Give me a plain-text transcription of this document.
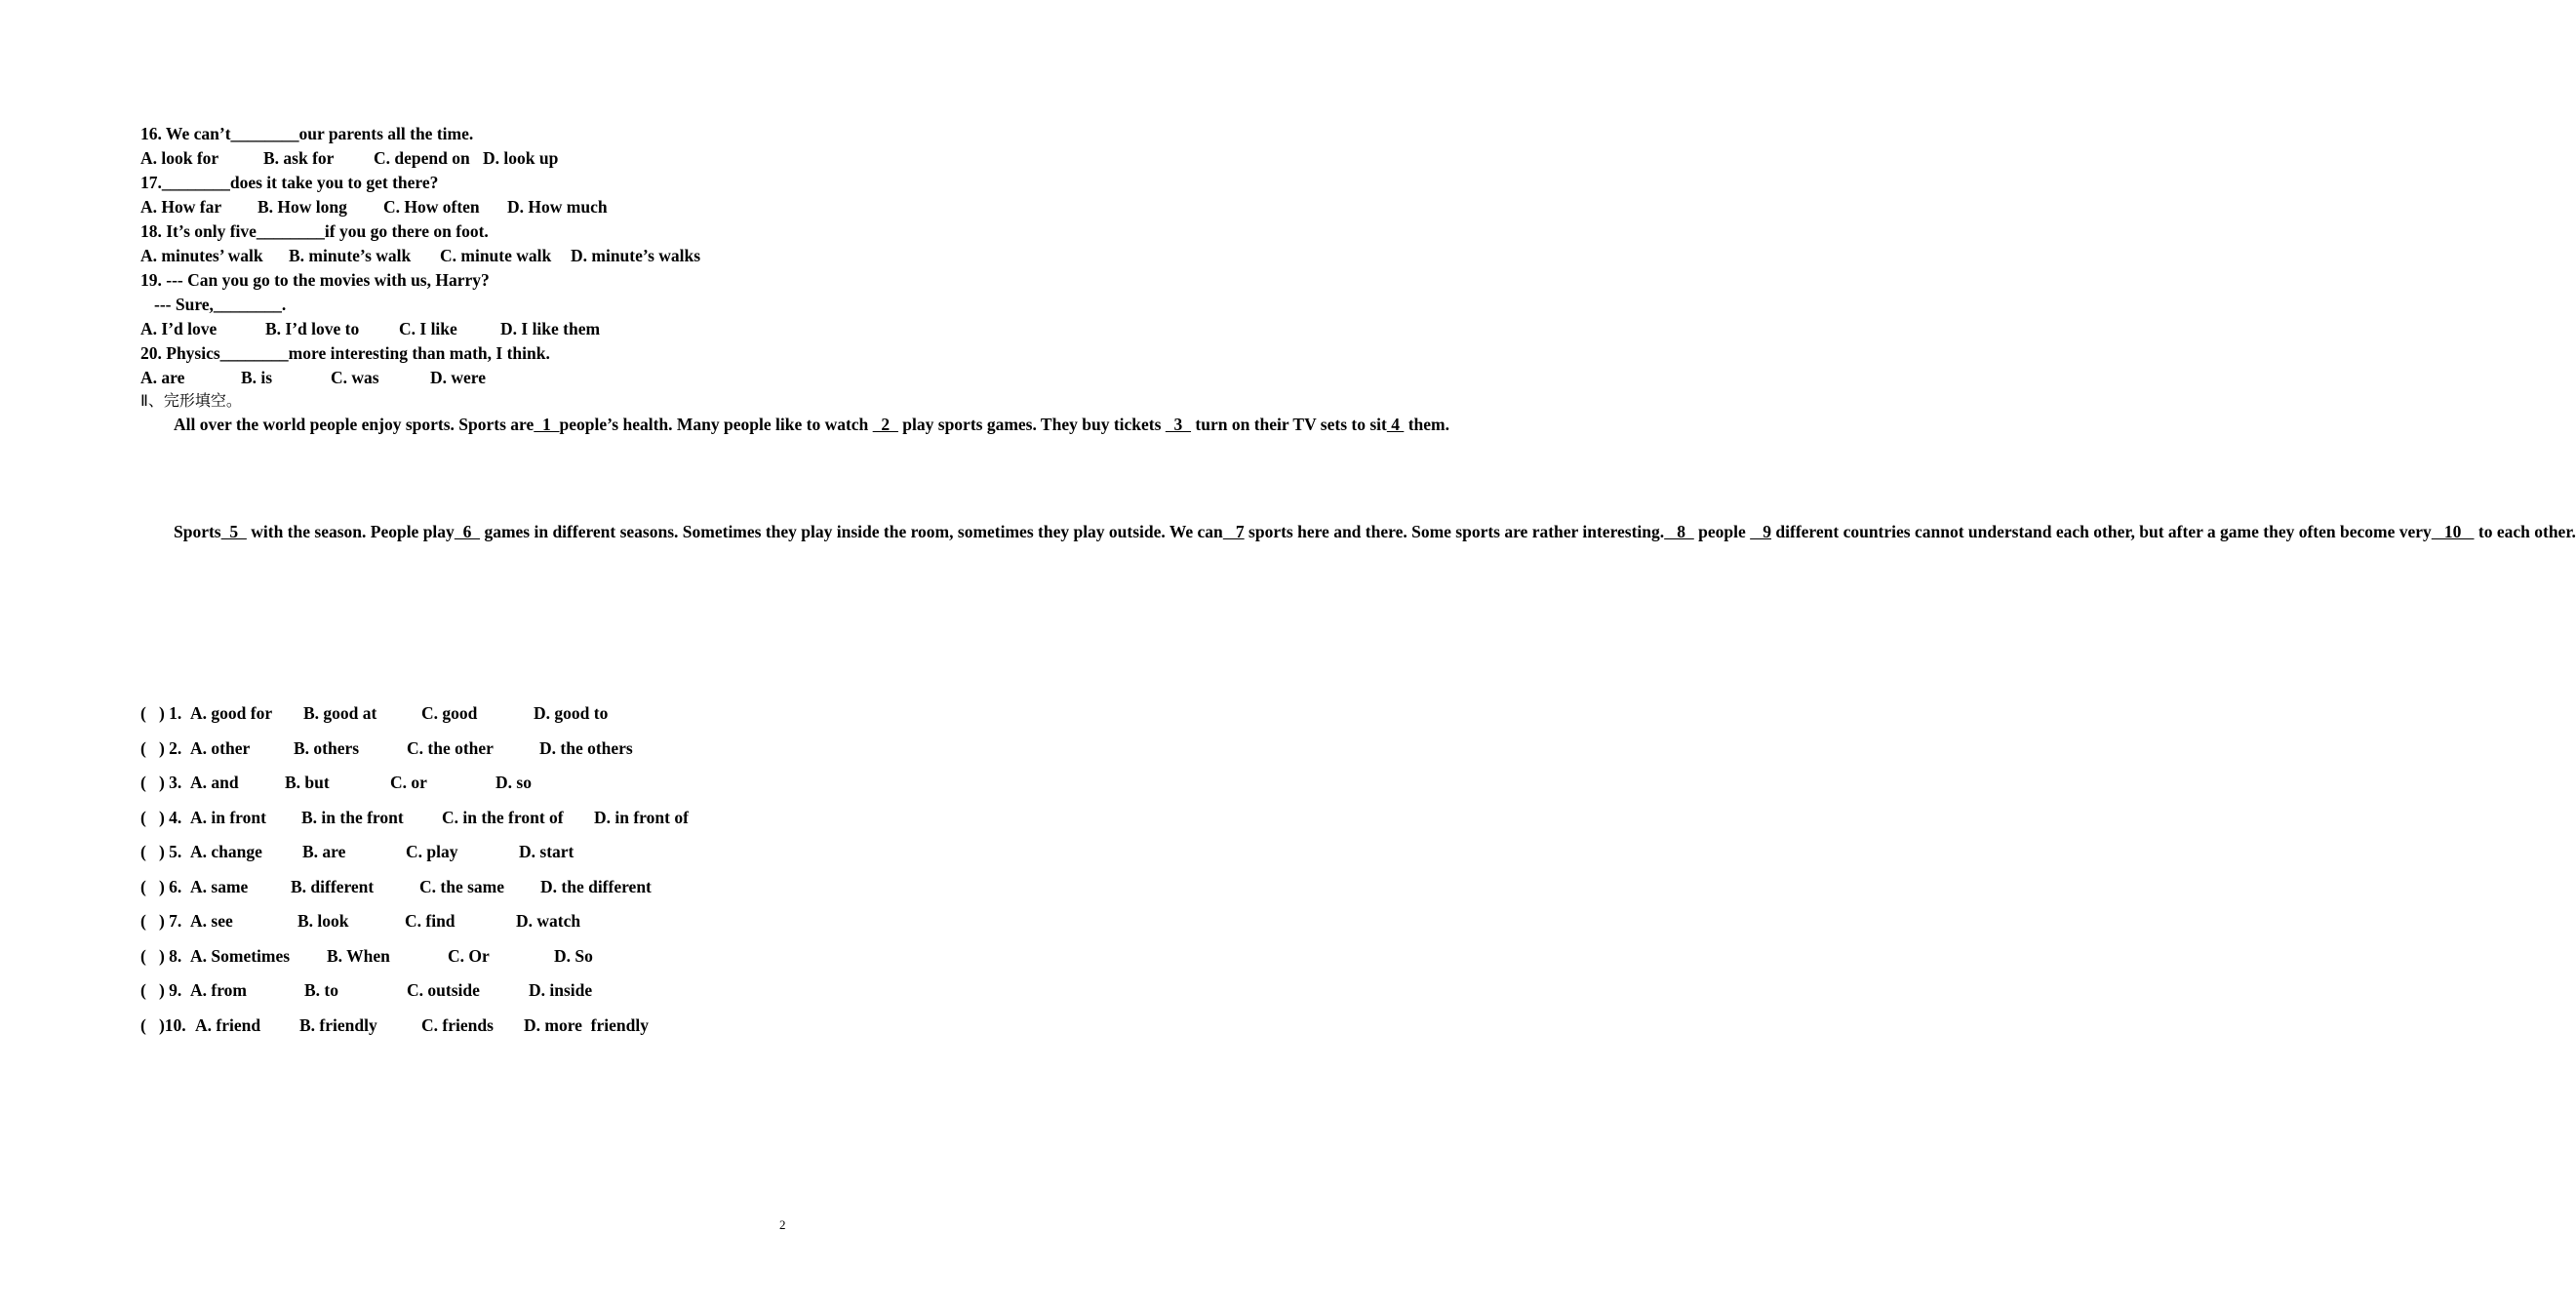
16. We can’t________our parents all the time.
A. look for	B. ask for C. depend on D. look up
17.________does it take you to get there?
A. How far B. How long C. How often D. How much
18. It’s only five________if you go there on foot.
A. minutes’ walk B. minute’s walk C. minute walk D. minute’s walks
19. --- Can you go to the movies with us, Harry?
--- Sure,________.
A. I’d love	B. I’d love to C. I like	D. I like them
20. Physics________more interesting than math, I think.
A. are	B. is	C. was	D. were
Ⅱ、完形填空。
All over the world people enjoy sports. Sports are  1  people’s health. Many people like to watch   2   play sports games. They buy tickets   3   turn on their TV sets to sit 4  them.
Sports  5   with the season. People play  6   games in different seasons. Sometimes they play inside the room, sometimes they play outside. We can   7 sports here and there. Some sports are rather interesting.   8   people    9 different countries cannot understand each other, but after a game they often become very   10    to each other.
(   ) 1. A. good for B. good at	C. good	D. good to
(   ) 2. A. other	B. others	C. the other	D. the others
(   ) 3. A. and	B. but	C. or	D. so
(   ) 4. A. in front B. in the front C. in the front of D. in front of
(   ) 5. A. change B. are	C. play	D. start
(   ) 6. A. same B. different	C. the same D. the different
(   ) 7. A. see	B. look	C. find	D. watch
(   ) 8. A. Sometimes B. When	C. Or	D. So
(   ) 9. A. from	B. to	C. outside	D. inside
(   )10. A. friend B. friendly	C. friends D. more  friendly
2
